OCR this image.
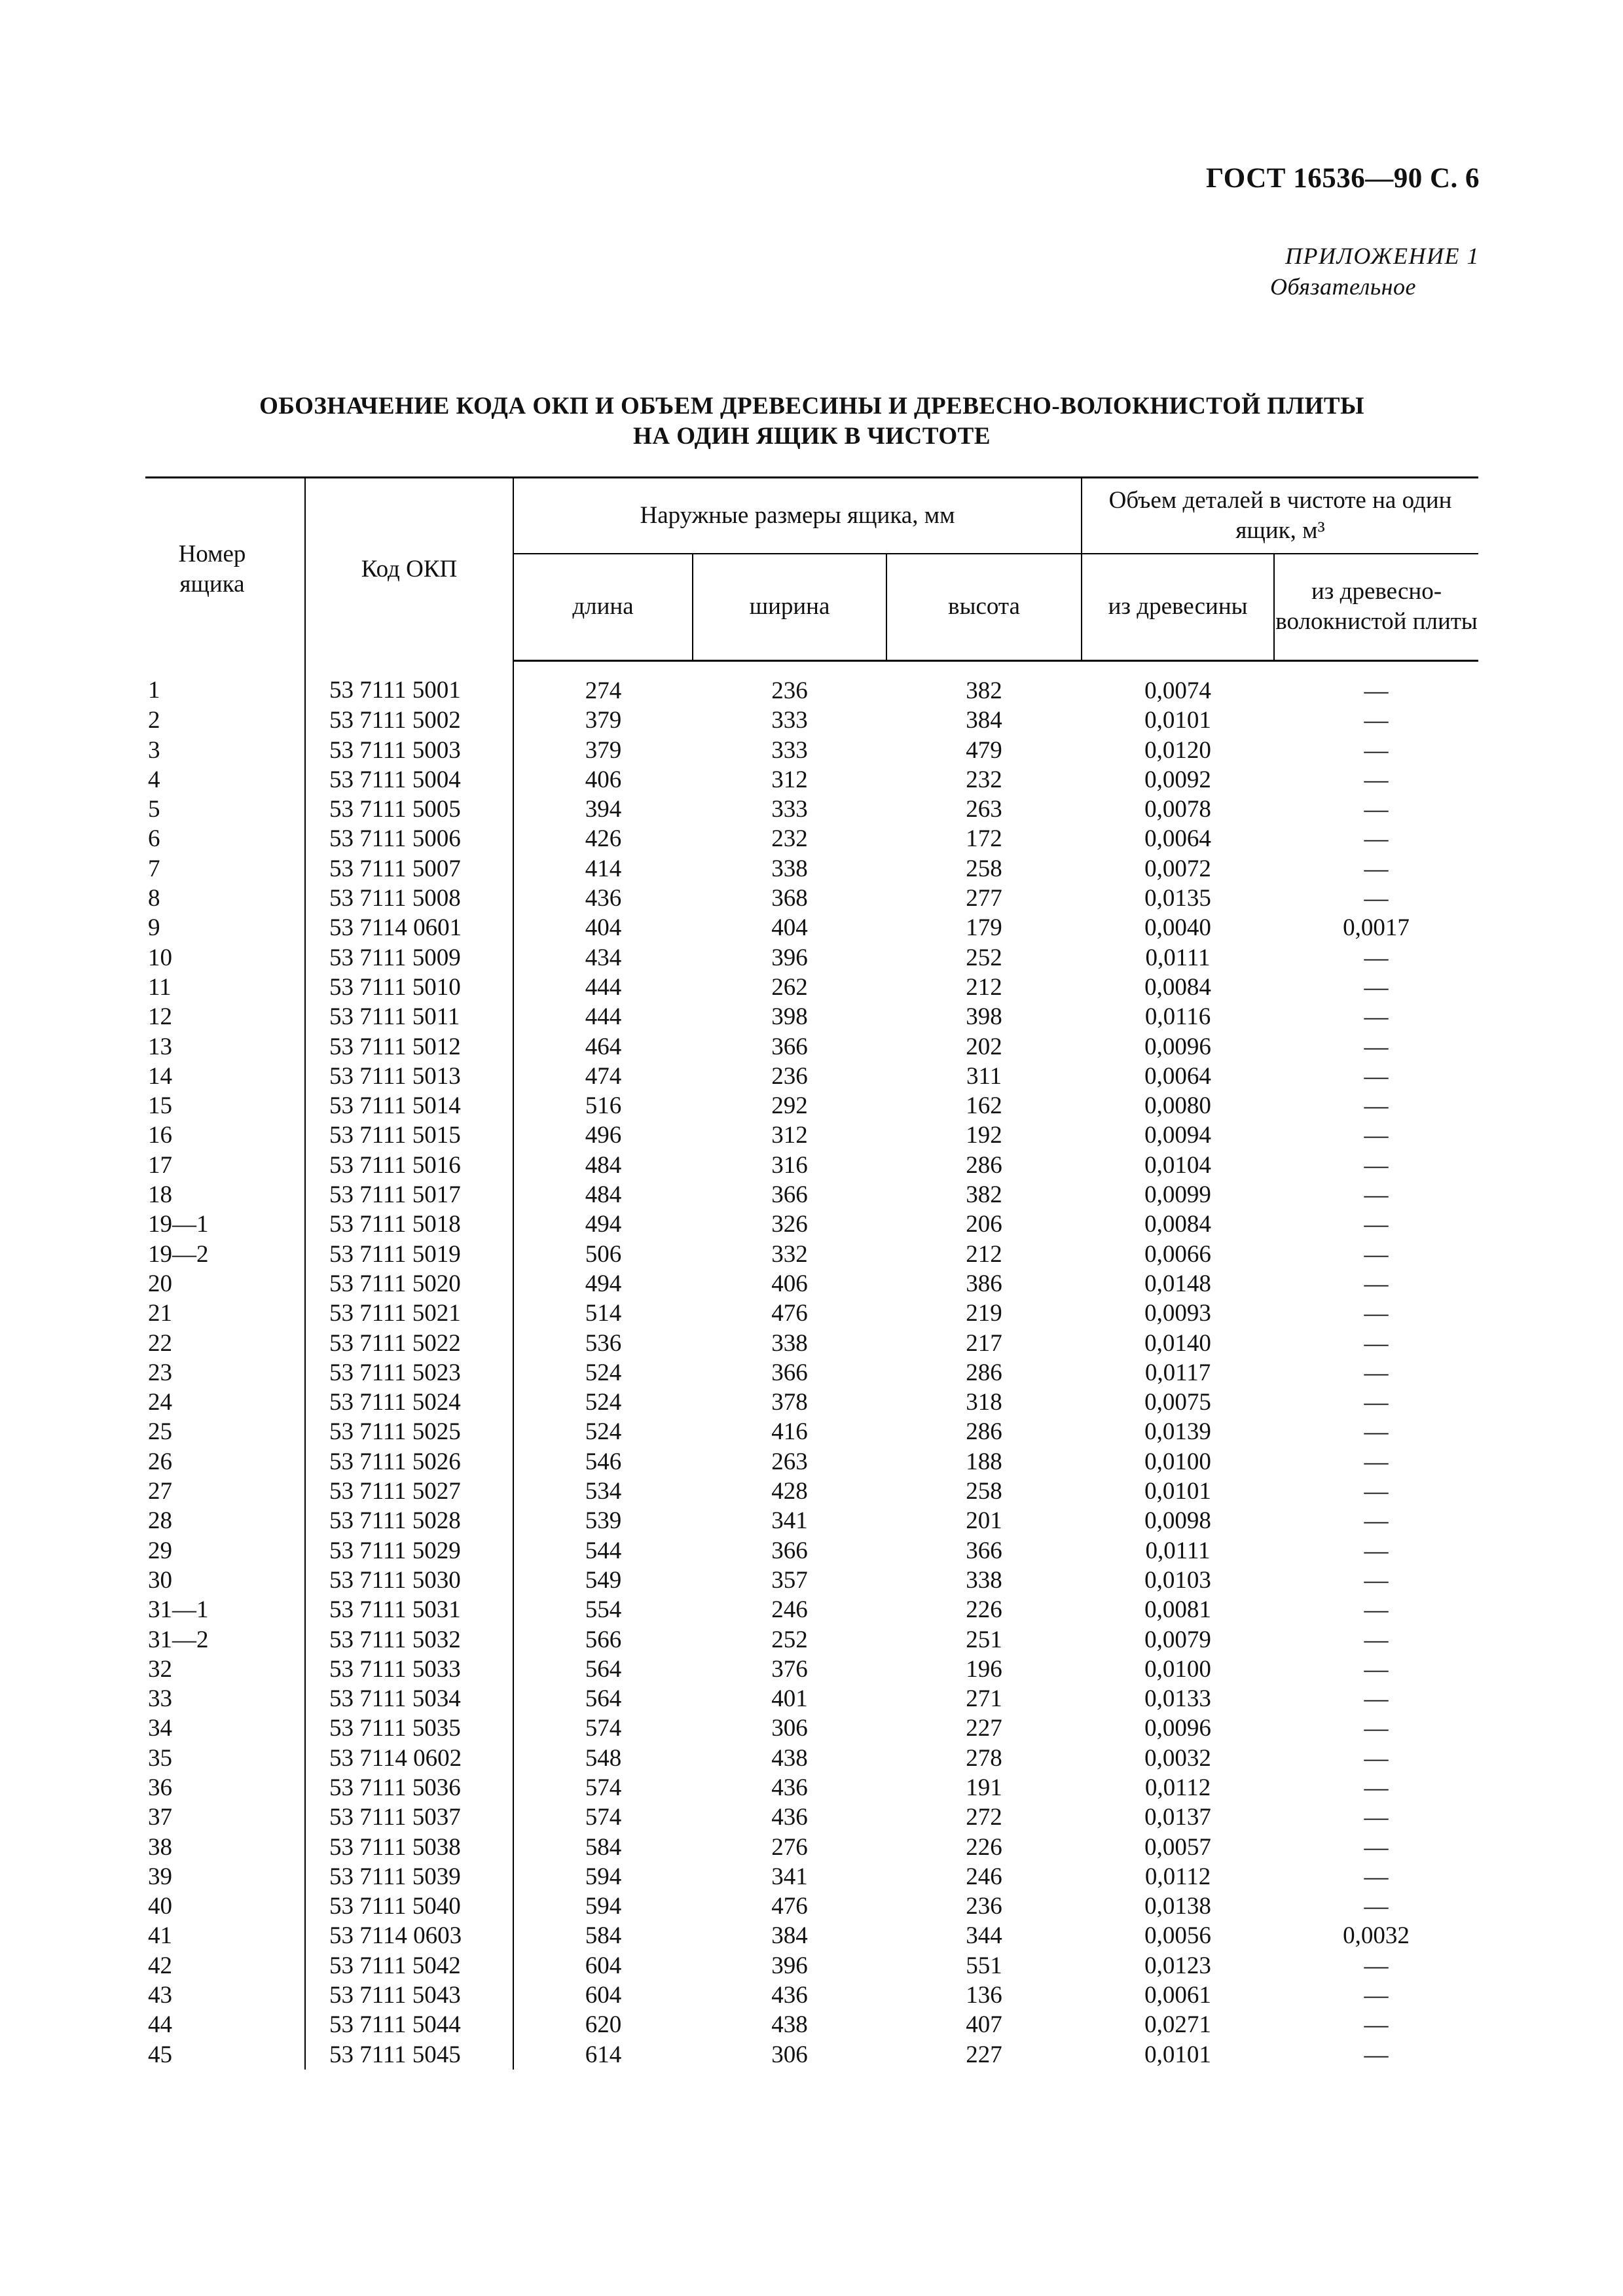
ГОСТ 16536—90 С. 6
ПРИЛОЖЕНИЕ 1

Обязательное
ОБОЗНАЧЕНИЕ КОДА ОКП И ОБЪЕМ ДРЕВЕСИНЫ И ДРЕВЕСНО-ВОЛОКНИСТОЙ ПЛИТЫ
НА ОДИН ЯЩИК В ЧИСТОТЕ
Номер ящика	Код ОКП	Наружные размеры ящика, мм			Объем деталей в чистоте на один ящик, м³	
		длина	ширина	высота	из древесины	из древесно-волокнистой плиты
1	53 7111 5001	274	236	382	0,0074	—
2	53 7111 5002	379	333	384	0,0101	—
3	53 7111 5003	379	333	479	0,0120	—
4	53 7111 5004	406	312	232	0,0092	—
5	53 7111 5005	394	333	263	0,0078	—
6	53 7111 5006	426	232	172	0,0064	—
7	53 7111 5007	414	338	258	0,0072	—
8	53 7111 5008	436	368	277	0,0135	—
9	53 7114 0601	404	404	179	0,0040	0,0017
10	53 7111 5009	434	396	252	0,0111	—
11	53 7111 5010	444	262	212	0,0084	—
12	53 7111 5011	444	398	398	0,0116	—
13	53 7111 5012	464	366	202	0,0096	—
14	53 7111 5013	474	236	311	0,0064	—
15	53 7111 5014	516	292	162	0,0080	—
16	53 7111 5015	496	312	192	0,0094	—
17	53 7111 5016	484	316	286	0,0104	—
18	53 7111 5017	484	366	382	0,0099	—
19—1	53 7111 5018	494	326	206	0,0084	—
19—2	53 7111 5019	506	332	212	0,0066	—
20	53 7111 5020	494	406	386	0,0148	—
21	53 7111 5021	514	476	219	0,0093	—
22	53 7111 5022	536	338	217	0,0140	—
23	53 7111 5023	524	366	286	0,0117	—
24	53 7111 5024	524	378	318	0,0075	—
25	53 7111 5025	524	416	286	0,0139	—
26	53 7111 5026	546	263	188	0,0100	—
27	53 7111 5027	534	428	258	0,0101	—
28	53 7111 5028	539	341	201	0,0098	—
29	53 7111 5029	544	366	366	0,0111	—
30	53 7111 5030	549	357	338	0,0103	—
31—1	53 7111 5031	554	246	226	0,0081	—
31—2	53 7111 5032	566	252	251	0,0079	—
32	53 7111 5033	564	376	196	0,0100	—
33	53 7111 5034	564	401	271	0,0133	—
34	53 7111 5035	574	306	227	0,0096	—
35	53 7114 0602	548	438	278	0,0032	—
36	53 7111 5036	574	436	191	0,0112	—
37	53 7111 5037	574	436	272	0,0137	—
38	53 7111 5038	584	276	226	0,0057	—
39	53 7111 5039	594	341	246	0,0112	—
40	53 7111 5040	594	476	236	0,0138	—
41	53 7114 0603	584	384	344	0,0056	0,0032
42	53 7111 5042	604	396	551	0,0123	—
43	53 7111 5043	604	436	136	0,0061	—
44	53 7111 5044	620	438	407	0,0271	—
45	53 7111 5045	614	306	227	0,0101	—
